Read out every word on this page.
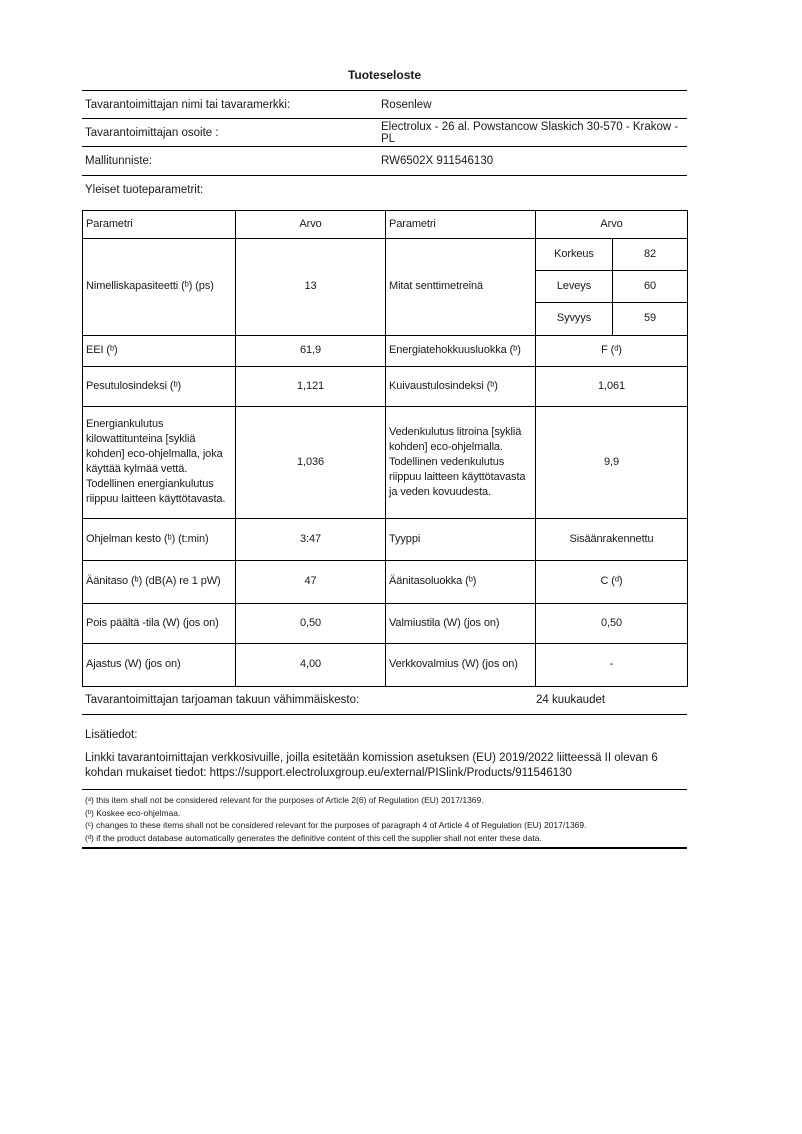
Tuoteseloste
Tavarantoimittajan nimi tai tavaramerkki:	Rosenlew
Tavarantoimittajan osoite :	Electrolux - 26 al. Powstancow Slaskich 30-570 - Krakow - PL
Mallitunniste:	RW6502X 911546130
Yleiset tuoteparametrit:
Parametri	Arvo	Parametri	Arvo	
Nimelliskapasiteetti (ᵇ) (ps)	13	Mitat senttimetreinä	Korkeus	82
			Leveys	60
			Syvyys	59
EEI (ᵇ)	61,9	Energiatehokkuusluokka (ᵇ)	F (ᵈ)	
Pesutulosindeksi (ᵇ)	1,121	Kuivaustulosindeksi (ᵇ)	1,061	
Energiankulutus kilowattitunteina [sykliä kohden] eco-ohjelmalla, joka käyttää kylmää vettä. Todellinen energiankulutus riippuu laitteen käyttötavasta.	1,036	Vedenkulutus litroina [sykliä kohden] eco-ohjelmalla. Todellinen vedenkulutus riippuu laitteen käyttötavasta ja veden kovuudesta.	9,9	
Ohjelman kesto (ᵇ) (t:min)	3:47	Tyyppi	Sisäänrakennettu	
Äänitaso (ᵇ) (dB(A) re 1 pW)	47	Äänitasoluokka (ᵇ)	C (ᵈ)	
Pois päältä -tila (W) (jos on)	0,50	Valmiustila (W) (jos on)	0,50	
Ajastus (W) (jos on)	4,00	Verkkovalmius (W) (jos on)	-	
Tavarantoimittajan tarjoaman takuun vähimmäiskesto:	24 kuukaudet
Lisätiedot:
Linkki tavarantoimittajan verkkosivuille, joilla esitetään komission asetuksen (EU) 2019/2022 liitteessä II olevan 6 kohdan mukaiset tiedot: https://support.electroluxgroup.eu/external/PISlink/Products/911546130
(ᵃ) this item shall not be considered relevant for the purposes of Article 2(6) of Regulation (EU) 2017/1369.
(ᵇ) Koskee eco-ohjelmaa.
(ᶜ) changes to these items shall not be considered relevant for the purposes of paragraph 4 of Article 4 of Regulation (EU) 2017/1369.
(ᵈ) if the product database automatically generates the definitive content of this cell the supplier shall not enter these data.
